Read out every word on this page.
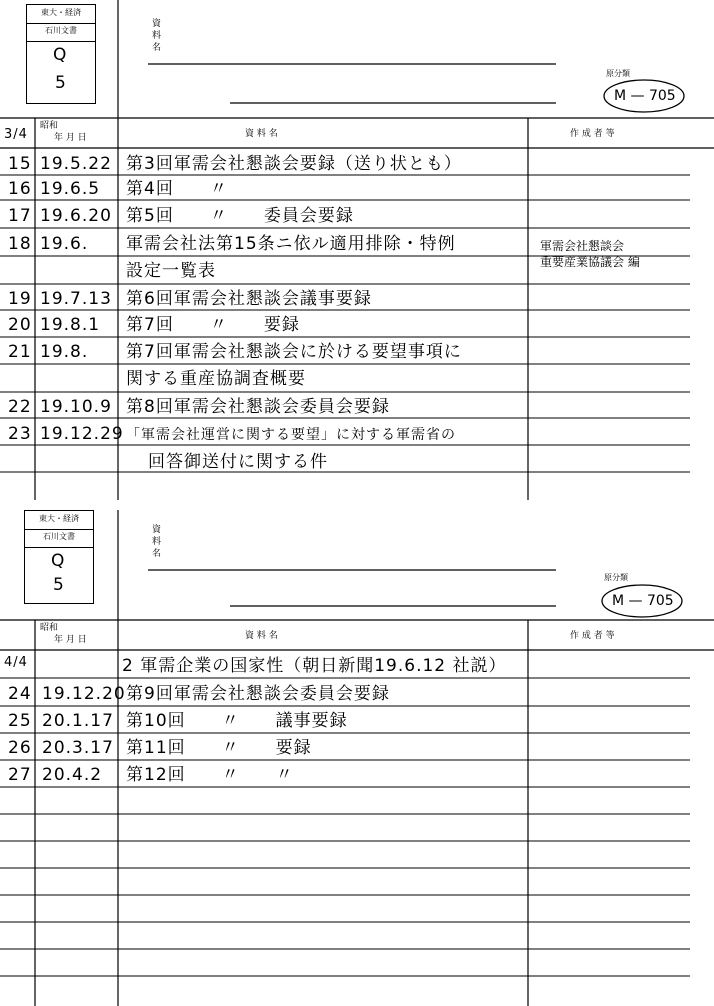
東大・経済
石川文書
Q
5
資料名
原分類
M — 705
3/4
昭和
年 月 日	資 料 名	作 成 者 等
15 19.5.22 第3回軍需会社懇談会要録（送り状とも）
16 19.6.5 第4回　　〃
17 19.6.20 第5回　　〃　　委員会要録
18 19.6. 軍需会社法第15条ニ依ル適用排除・特例	軍需会社懇談会
設定一覧表	重要産業協議会 編
19 19.7.13 第6回軍需会社懇談会議事要録
20 19.8.1 第7回　　〃　　要録
21 19.8. 第7回軍需会社懇談会に於ける要望事項に
関する重産協調査概要
22 19.10.9 第8回軍需会社懇談会委員会要録
23 19.12.29 「軍需会社運営に関する要望」に対する軍需省の
回答御送付に関する件
東大・経済
石川文書
Q
5
資料名
原分類
M — 705
昭和
年 月 日	資 料 名	作 成 者 等
4/4	2 軍需企業の国家性（朝日新聞19.6.12 社説）
24 19.12.20 第9回軍需会社懇談会委員会要録
25 20.1.17 第10回　　〃　　議事要録
26 20.3.17 第11回　　〃　　要録
27 20.4.2 第12回　　〃　　〃
